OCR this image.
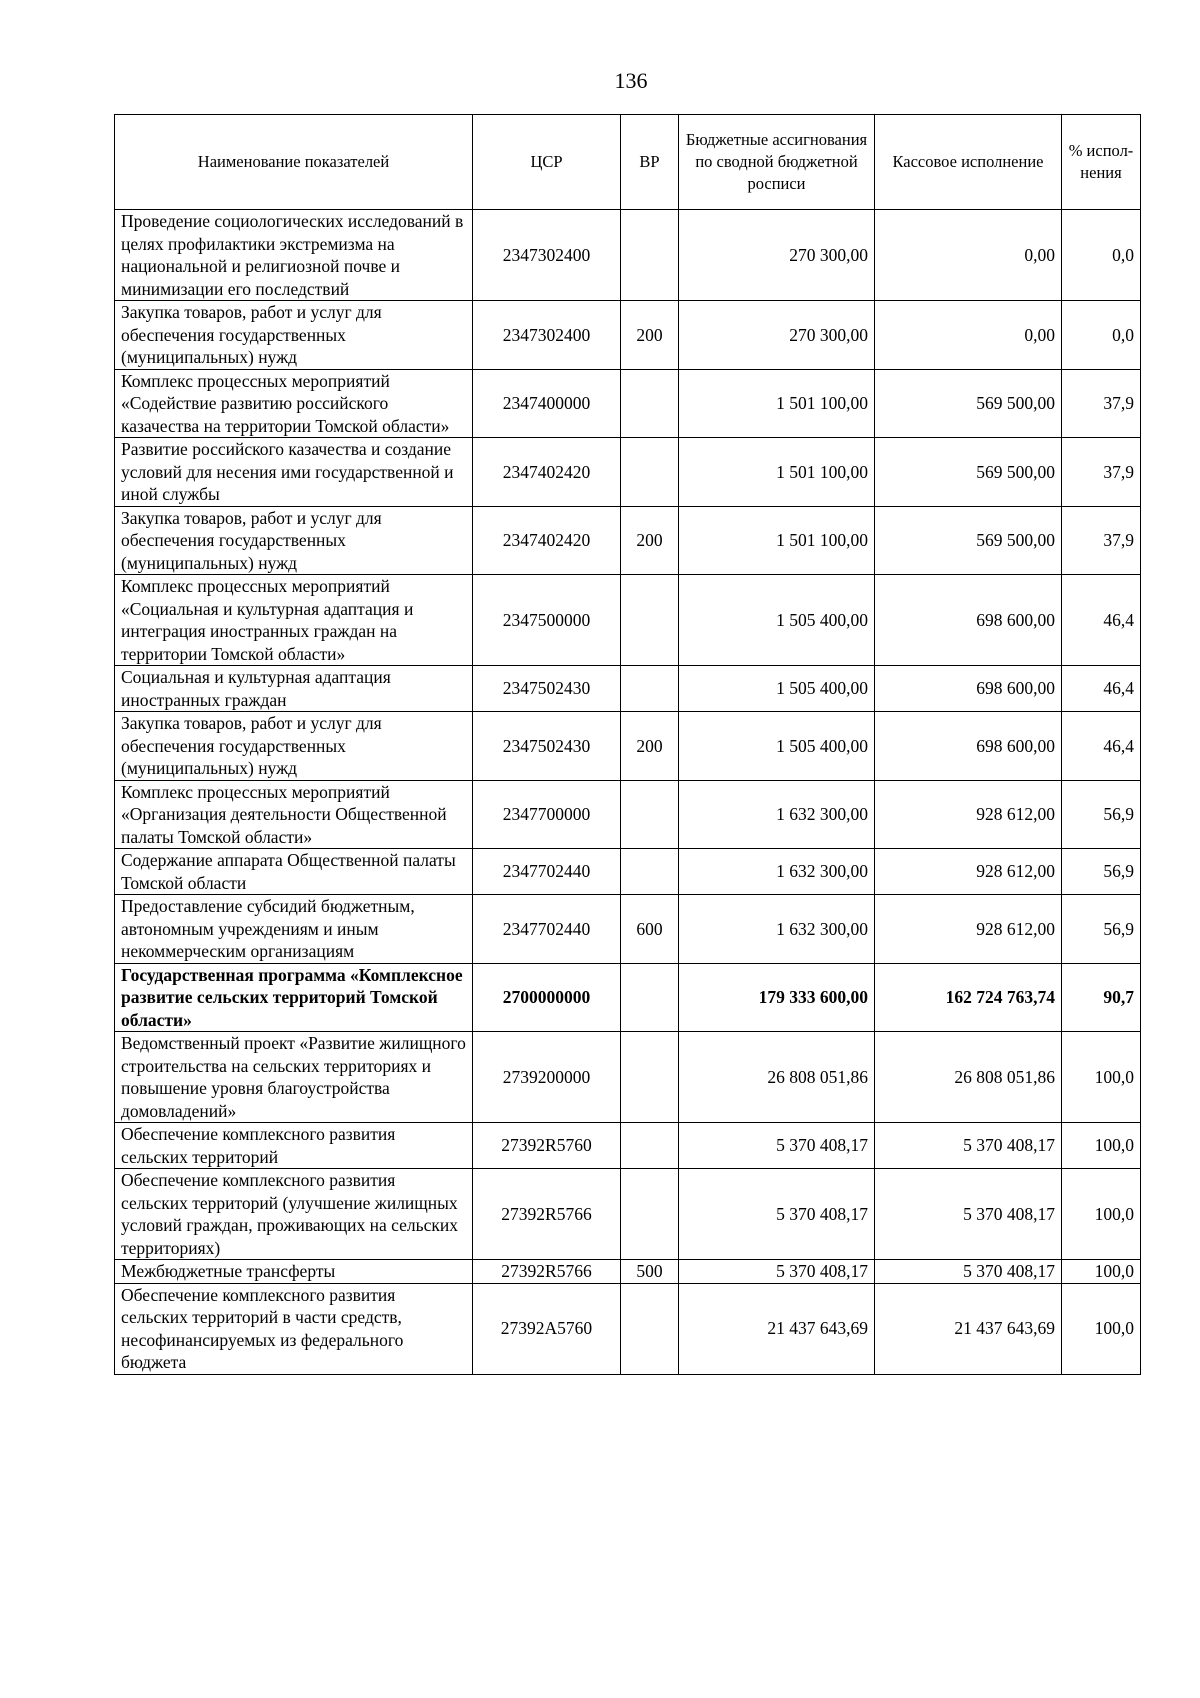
136
Наименование показателей	ЦСР	ВР	Бюджетные ассигнования по сводной бюджетной росписи	Кассовое исполнение	% испол-нения
Проведение социологических исследований в целях профилактики экстремизма на национальной и религиозной почве и минимизации его последствий	2347302400		270 300,00	0,00	0,0
Закупка товаров, работ и услуг для обеспечения государственных (муниципальных) нужд	2347302400	200	270 300,00	0,00	0,0
Комплекс процессных мероприятий «Содействие развитию российского казачества на территории Томской области»	2347400000		1 501 100,00	569 500,00	37,9
Развитие российского казачества и создание условий для несения ими государственной и иной службы	2347402420		1 501 100,00	569 500,00	37,9
Закупка товаров, работ и услуг для обеспечения государственных (муниципальных) нужд	2347402420	200	1 501 100,00	569 500,00	37,9
Комплекс процессных мероприятий «Социальная и культурная адаптация и интеграция иностранных граждан на территории Томской области»	2347500000		1 505 400,00	698 600,00	46,4
Социальная и культурная адаптация иностранных граждан	2347502430		1 505 400,00	698 600,00	46,4
Закупка товаров, работ и услуг для обеспечения государственных (муниципальных) нужд	2347502430	200	1 505 400,00	698 600,00	46,4
Комплекс процессных мероприятий «Организация деятельности Общественной палаты Томской области»	2347700000		1 632 300,00	928 612,00	56,9
Содержание аппарата Общественной палаты Томской области	2347702440		1 632 300,00	928 612,00	56,9
Предоставление субсидий бюджетным, автономным учреждениям и иным некоммерческим организациям	2347702440	600	1 632 300,00	928 612,00	56,9
Государственная программа «Комплексное развитие сельских территорий Томской области»	2700000000		179 333 600,00	162 724 763,74	90,7
Ведомственный проект «Развитие жилищного строительства на сельских территориях и повышение уровня благоустройства домовладений»	2739200000		26 808 051,86	26 808 051,86	100,0
Обеспечение комплексного развития сельских территорий	27392R5760		5 370 408,17	5 370 408,17	100,0
Обеспечение комплексного развития сельских территорий (улучшение жилищных условий граждан, проживающих на сельских территориях)	27392R5766		5 370 408,17	5 370 408,17	100,0
Межбюджетные трансферты	27392R5766	500	5 370 408,17	5 370 408,17	100,0
Обеспечение комплексного развития сельских территорий в части средств, несофинансируемых из федерального бюджета	27392A5760		21 437 643,69	21 437 643,69	100,0
